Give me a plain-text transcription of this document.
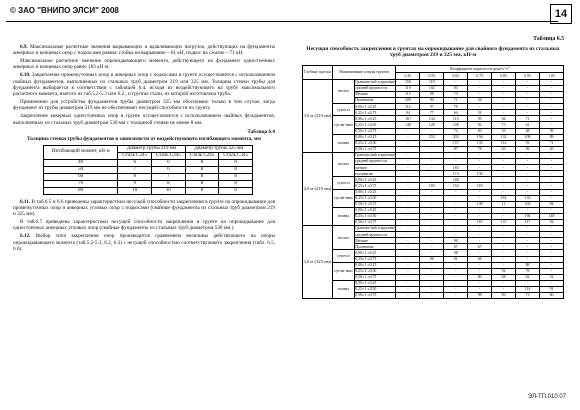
© ЗАО "ВНИПО ЭЛСИ" 2008	14

6.9. Максимальные расчетные значения вырывающих и вдавливающих нагрузок, действующих на фундаменты анкерных и концевых опор с подкосами равны: стойка на вырывание – 61 кН, подкос на сжатие – 71 кН.

Максимальное расчетное значение опрокидывающего момента, действующего на фундамент одностоечных анкерных и концевых опор равно 183 кН·м.

6.10. Закрепление промежуточных опор и анкерных опор с подкосами в грунте осуществляется с использованием свайных фундаментов, выполненных из стальных труб диаметром 219 или 325 мм. Толщина стенки трубы для фундамента выбирается в соответствии с таблицей 6.4. исходя из воздействующего на трубу максимального расчетного момента, взятого из таб.5.2-5.3 или 6.2., и группы стали, из которой изготовлена труба.

Применение для устройства фундаментов трубы диаметром 325 мм обосновано только в том случае, когда фундамент из трубы диаметром 219 мм не обеспечивает несущей способности по грунту.

Закрепление анкерных одностоечных опор в грунте осуществляется с использованием свайных фундаментов, выполненных из стальных труб диаметром 530 мм с толщиной стенки не менее 8 мм.

Таблица 6.4
Толщина стенки трубы фундаментов в зависимости от воздействующего изгибающего момента, мм
Изгибающий момент, кН·м	Диаметр трубы 219 мм		Диаметр трубы 325 мм	
	Сталь С245	Сталь С345	Сталь С245	Сталь С345
40	6	6	8	8
50	7	6	8	8
60	8	7	8	8
70	9	8	8	8
80	10	10	8	8

6.11. В таб.6.5 и 6.6 приведены характеристики несущей способности закрепления в грунте на опрокидывание для промежуточных опор и анкерных угловых опор с подкосами (свайные фундаменты из стальных труб диаметром 219 и 325 мм).

В таб.6.7 приведены характеристики несущей способности закрепления в грунте на опрокидывание для одностоечных анкерных угловых опор (свайные фундаменты из стальных труб диаметром 530 мм ).

6.12. Выбор типа закрепления опор производится сравнением величины действующего на опоры опрокидывающего момента (таб.5.2-5.3, 6.2, 6.3) с несущей способностью соответствующего закрепления (табл. 6.5, 6.6).

Таблица 6.5
Несущая способность закрепления в грунтах на опрокидывание для свайного фундамента из стальных труб диаметром 219 и 325 мм, кН·м
Глубина заделки	Наименование и виды грунтов		Коэффициент пористости грунта "е"						
			0,45	0,55	0,65	0,75	0,85	0,95	1,05
3,0 м (219 мм)	пески	Гравелистый и крупные	150	119	-	-	-	-	-
		средней крупности	119	102	83	-	-	-	-
		Мелкие	115	98	73	-	-	-	-
		Пылеватые	109	94	71	54	-	-	-
	супеси	0,00≤ I ≤0,25	112	97	79	-	-	-	-
		0,25≤ I ≤0,75	94	77	64	51	-	-	-
	сугли-нки	0,00≤ I ≤0,25	167	134	113	95	84	71	-
		0,25≤ I ≤0,50	148	128	108	92	73	61	-
		0,50≤ I ≤0,75	-	-	74	63	53	48	39
	глины	0,00≤ I ≤0,25	-	253	203	156	132	108	89
		0,25≤ I ≤0,50	-	-	157	133	112	91	71
		0,50≤ I ≤0,75	-	-	87	78	65	56	45
4,0 м (219 мм)	пески	Гравелистый и крупные	-	-	-	-	-	-	-
		средней крупности	-	-	-	-	-	-	-
		мелкие	-	-	183	-	-	-	-
		пылеватые	-	-	174	130	-	-	-
	супеси	0,00≤ I ≤0,25	-	-	188	-	-	-	-
		0,25≤ I ≤0,75	-	183	152	118	-	-	-
	сугли-нки	0,00≤ I ≤0,25	-	-	-	-	-	-	-
		0,25≤ I ≤0,50	-	-	-	-	161	133	-
		0,50≤ I ≤0,75	-	-	-	139	11	102	84
	глины	0,00≤ I ≤0,25	-	-	-	-	-	-	-
		0,25≤ I ≤0,50	-	-	-	-	-	194	148
		0,50≤ I ≤0,75	-	-	-	167	137	117	92
3,0 м (325 мм)	пески	Гравелистый и крупные	-	-	-	-	-	-	-
		средней крупности	-	-	-	-	-	-	-
		Мелкие	-	-	90	-	-	-	-
		Пылеватые	-	-	87	67	-	-	-
	супеси	0,00≤ I ≤0,25	-	-	98	-	-	-	-
		0,25≤ I ≤0,75	-	96	81	64	-	-	-
	сугли-нки	0,00≤ I ≤0,25	-	-	-	-	-	88	-
		0,25≤ I ≤0,50	-	-	-	-	92	78	-
		0,50≤ I ≤0,75	-	-	-	80	68	62	52
	глины	0,00≤ I ≤0,25	-	-	-	-	-	-	-
		0,25≤ I ≤0,50	-	-	-	-	-	114	91
		0,50≤ I ≤0,75	-	-	-	98	83	73	60
ЭЛ-ТП.010.07
